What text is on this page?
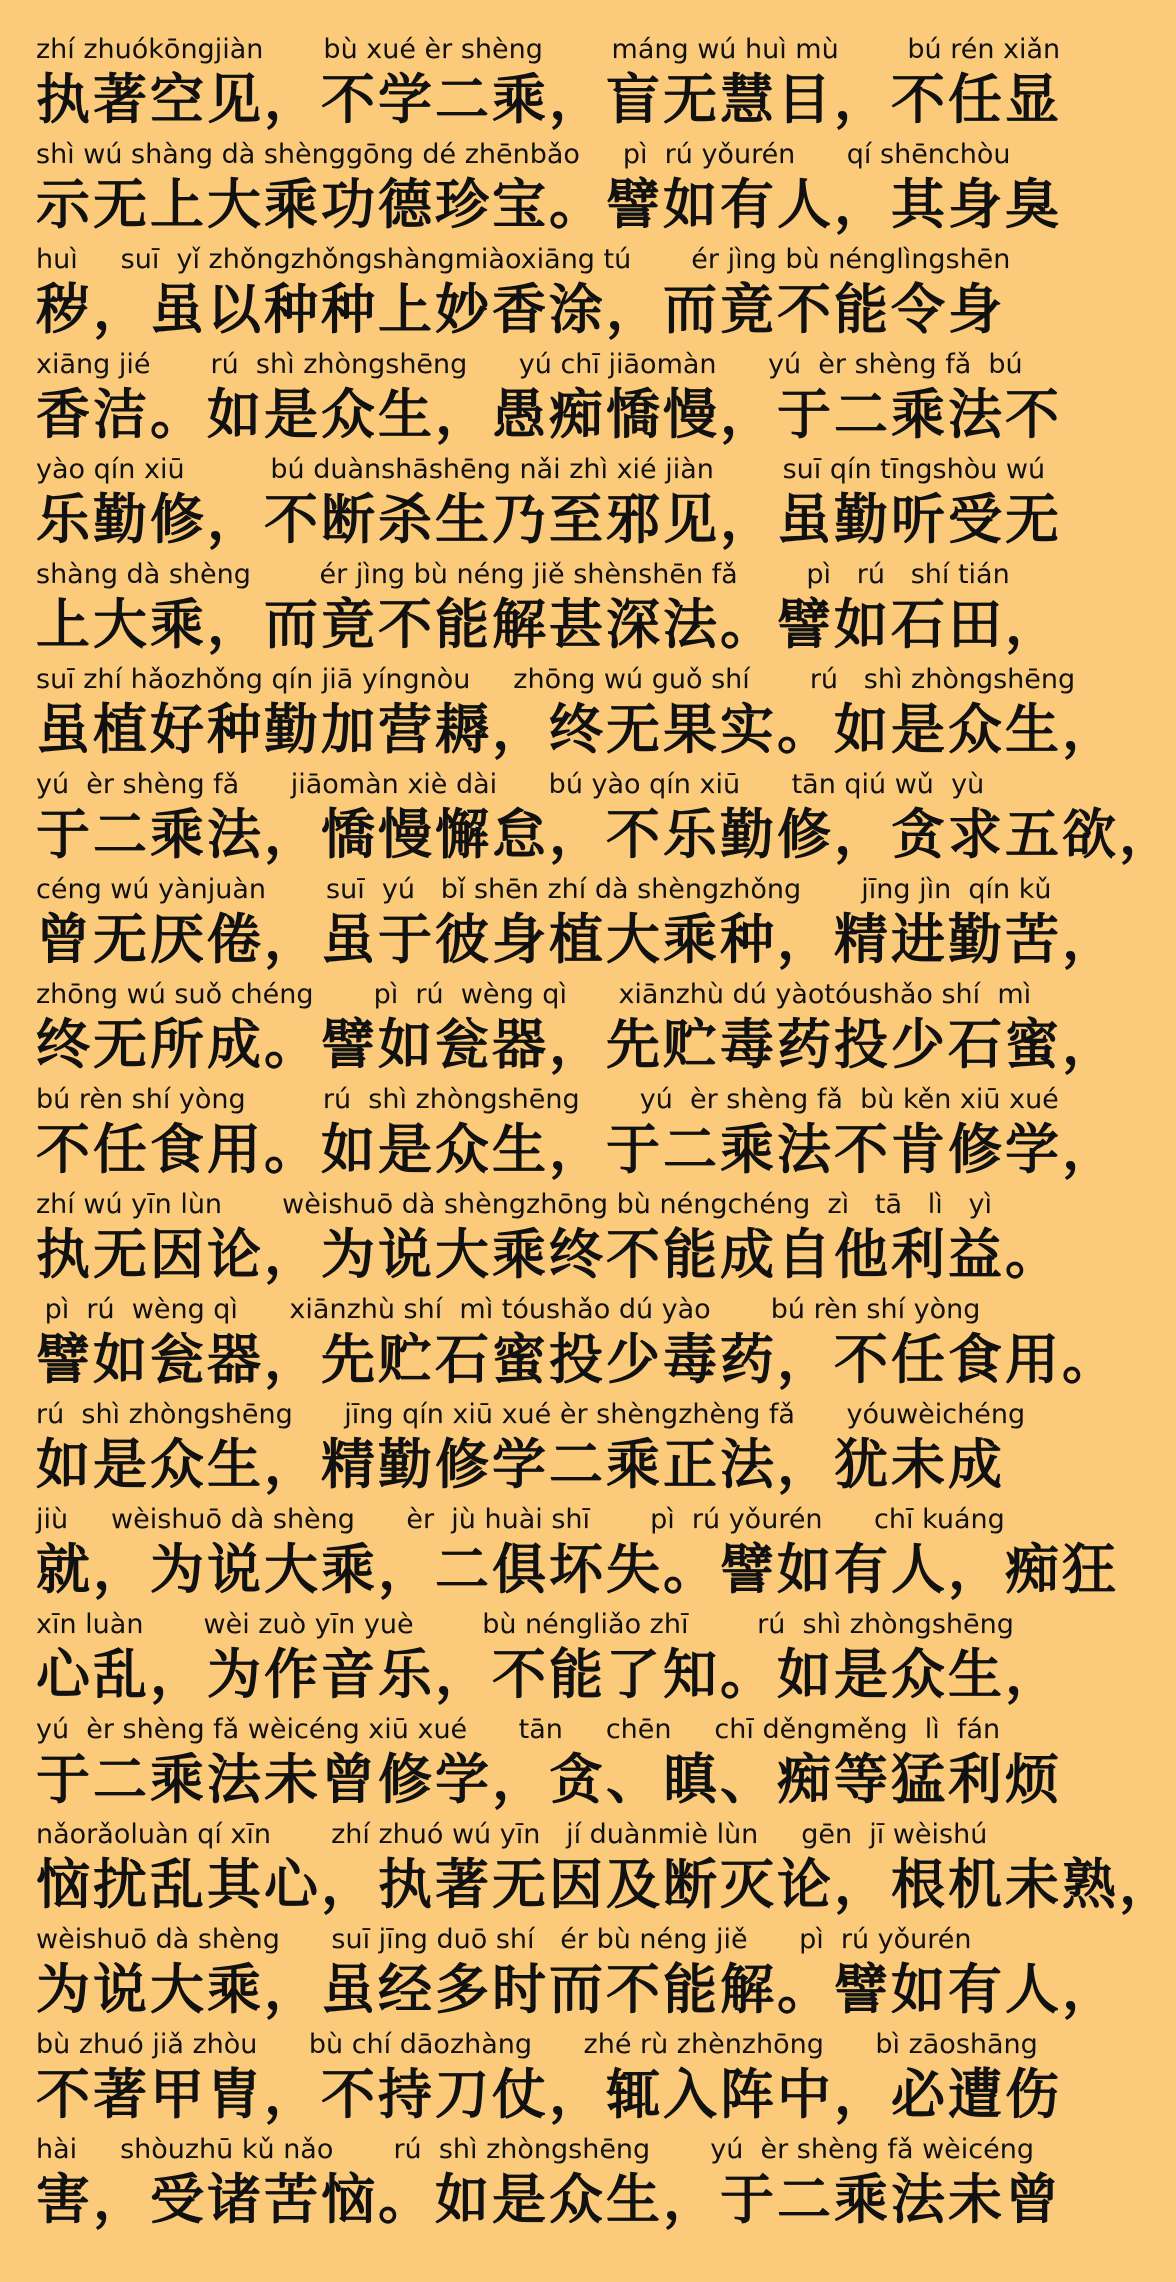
zhí zhuókōngjiàn       bù xué èr shèng        máng wú huì mù        bú rén xiǎn
执著空见，不学二乘，盲无慧目，不任显
shì wú shàng dà shènggōng dé zhēnbǎo     pì  rú yǒurén      qí shēnchòu
示无上大乘功德珍宝。譬如有人，其身臭
huì     suī  yǐ zhǒngzhǒngshàngmiàoxiāng tú       ér jìng bù nénglìngshēn
秽，虽以种种上妙香涂，而竟不能令身
xiāng jié       rú  shì zhòngshēng      yú chī jiāomàn      yú  èr shèng fǎ  bú
香洁。如是众生，愚痴憍慢，于二乘法不
yào qín xiū          bú duànshāshēng nǎi zhì xié jiàn        suī qín tīngshòu wú
乐勤修，不断杀生乃至邪见，虽勤听受无
shàng dà shèng        ér jìng bù néng jiě shènshēn fǎ        pì   rú   shí tián
上大乘，而竟不能解甚深法。譬如石田，
suī zhí hǎozhǒng qín jiā yíngnòu     zhōng wú guǒ shí       rú   shì zhòngshēng
虽植好种勤加营耨，终无果实。如是众生，
yú  èr shèng fǎ      jiāomàn xiè dài      bú yào qín xiū      tān qiú wǔ  yù
于二乘法，憍慢懈怠，不乐勤修，贪求五欲，
céng wú yànjuàn       suī  yú   bǐ shēn zhí dà shèngzhǒng       jīng jìn  qín kǔ
曾无厌倦，虽于彼身植大乘种，精进勤苦，
zhōng wú suǒ chéng       pì  rú  wèng qì      xiānzhù dú yàotóushǎo shí  mì
终无所成。譬如瓮器，先贮毒药投少石蜜，
bú rèn shí yòng         rú  shì zhòngshēng       yú  èr shèng fǎ  bù kěn xiū xué
不任食用。如是众生，于二乘法不肯修学，
zhí wú yīn lùn       wèishuō dà shèngzhōng bù néngchéng  zì   tā   lì   yì
执无因论，为说大乘终不能成自他利益。
pì  rú  wèng qì      xiānzhù shí  mì tóushǎo dú yào       bú rèn shí yòng
譬如瓮器，先贮石蜜投少毒药，不任食用。
rú  shì zhòngshēng      jīng qín xiū xué èr shèngzhèng fǎ      yóuwèichéng
如是众生，精勤修学二乘正法，犹未成
jiù     wèishuō dà shèng      èr  jù huài shī       pì  rú yǒurén      chī kuáng
就，为说大乘，二俱坏失。譬如有人，痴狂
xīn luàn       wèi zuò yīn yuè        bù néngliǎo zhī        rú  shì zhòngshēng
心乱，为作音乐，不能了知。如是众生，
yú  èr shèng fǎ wèicéng xiū xué      tān     chēn     chī děngměng  lì  fán
于二乘法未曾修学，贪、瞋、痴等猛利烦
nǎorǎoluàn qí xīn       zhí zhuó wú yīn   jí duànmiè lùn     gēn  jī wèishú
恼扰乱其心，执著无因及断灭论，根机未熟，
wèishuō dà shèng      suī jīng duō shí   ér bù néng jiě      pì  rú yǒurén
为说大乘，虽经多时而不能解。譬如有人，
bù zhuó jiǎ zhòu      bù chí dāozhàng      zhé rù zhènzhōng      bì zāoshāng
不著甲胄，不持刀仗，辄入阵中，必遭伤
hài     shòuzhū kǔ nǎo       rú  shì zhòngshēng       yú  èr shèng fǎ wèicéng
害，受诸苦恼。如是众生，于二乘法未曾
